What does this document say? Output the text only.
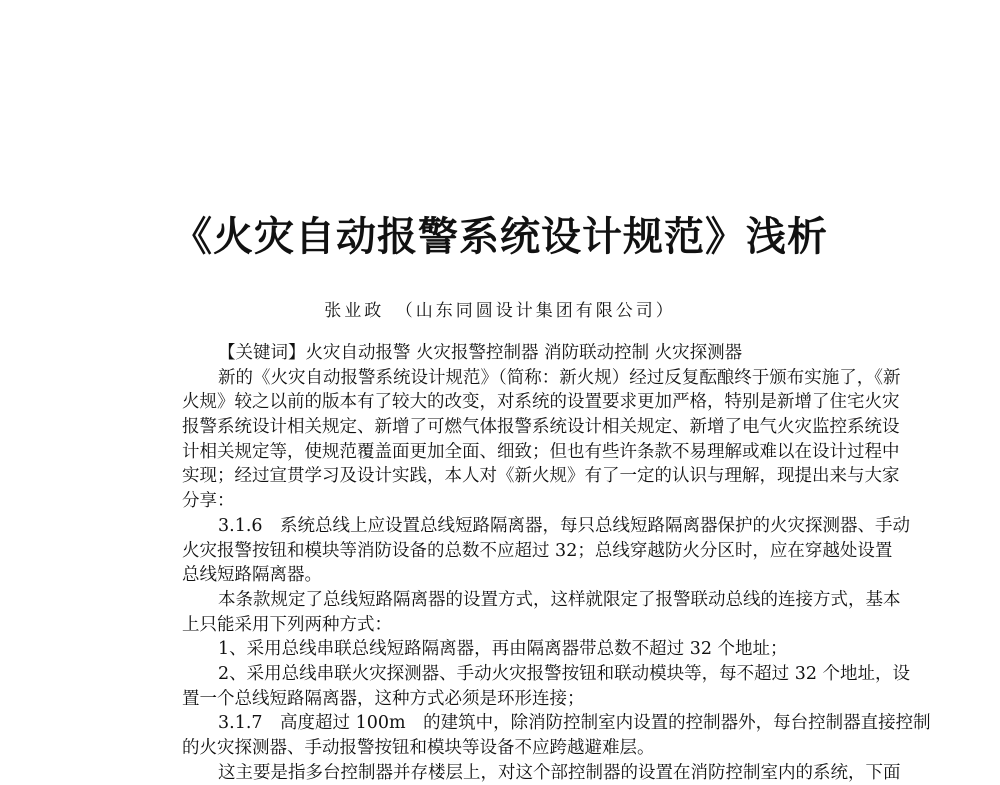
《火灾自动报警系统设计规范》浅析
张业政　（山东同圆设计集团有限公司）
【关键词】火灾自动报警 火灾报警控制器 消防联动控制 火灾探测器
新的《火灾自动报警系统设计规范》（简称：新火规）经过反复酝酿终于颁布实施了，《新
火规》较之以前的版本有了较大的改变，对系统的设置要求更加严格，特别是新增了住宅火灾
报警系统设计相关规定、新增了可燃气体报警系统设计相关规定、新增了电气火灾监控系统设
计相关规定等，使规范覆盖面更加全面、细致；但也有些许条款不易理解或难以在设计过程中
实现；经过宣贯学习及设计实践，本人对《新火规》有了一定的认识与理解，现提出来与大家
分享：
3.1.6　系统总线上应设置总线短路隔离器，每只总线短路隔离器保护的火灾探测器、手动
火灾报警按钮和模块等消防设备的总数不应超过 32；总线穿越防火分区时，应在穿越处设置
总线短路隔离器。
本条款规定了总线短路隔离器的设置方式，这样就限定了报警联动总线的连接方式，基本
上只能采用下列两种方式：
1、采用总线串联总线短路隔离器，再由隔离器带总数不超过 32 个地址；
2、采用总线串联火灾探测器、手动火灾报警按钮和联动模块等，每不超过 32 个地址，设
置一个总线短路隔离器，这种方式必须是环形连接；
3.1.7　高度超过 100m　的建筑中，除消防控制室内设置的控制器外，每台控制器直接控制
的火灾探测器、手动报警按钮和模块等设备不应跨越避难层。
这主要是指多台控制器并存楼层上，对这个部控制器的设置在消防控制室内的系统，下面
